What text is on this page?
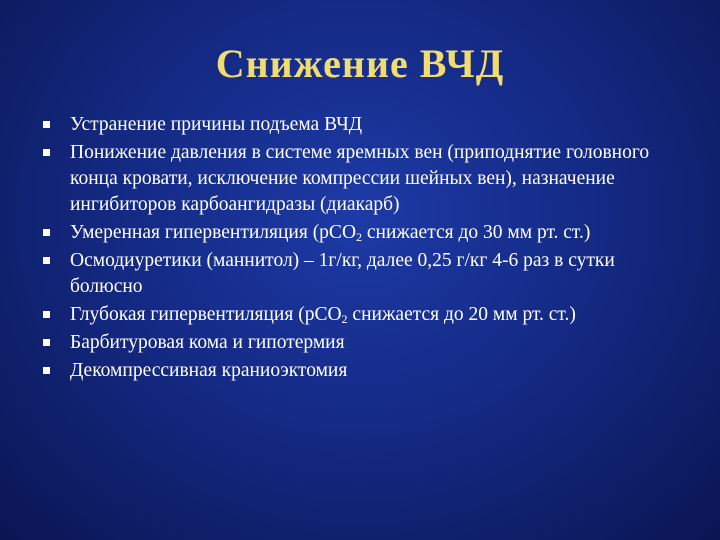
Снижение ВЧД
Устранение причины подъема ВЧД
Понижение давления в системе яремных вен (приподнятие головного конца кровати, исключение компрессии шейных вен), назначение ингибиторов карбоангидразы (диакарб)
Умеренная гипервентиляция (рСО$_2$ снижается до 30 мм рт. ст.)
Осмодиуретики (маннитол) – 1г/кг, далее 0,25 г/кг 4-6 раз в сутки болюсно
Глубокая гипервентиляция (рСО$_2$ снижается до 20 мм рт. ст.)
Барбитуровая кома и гипотермия
Декомпрессивная краниоэктомия
